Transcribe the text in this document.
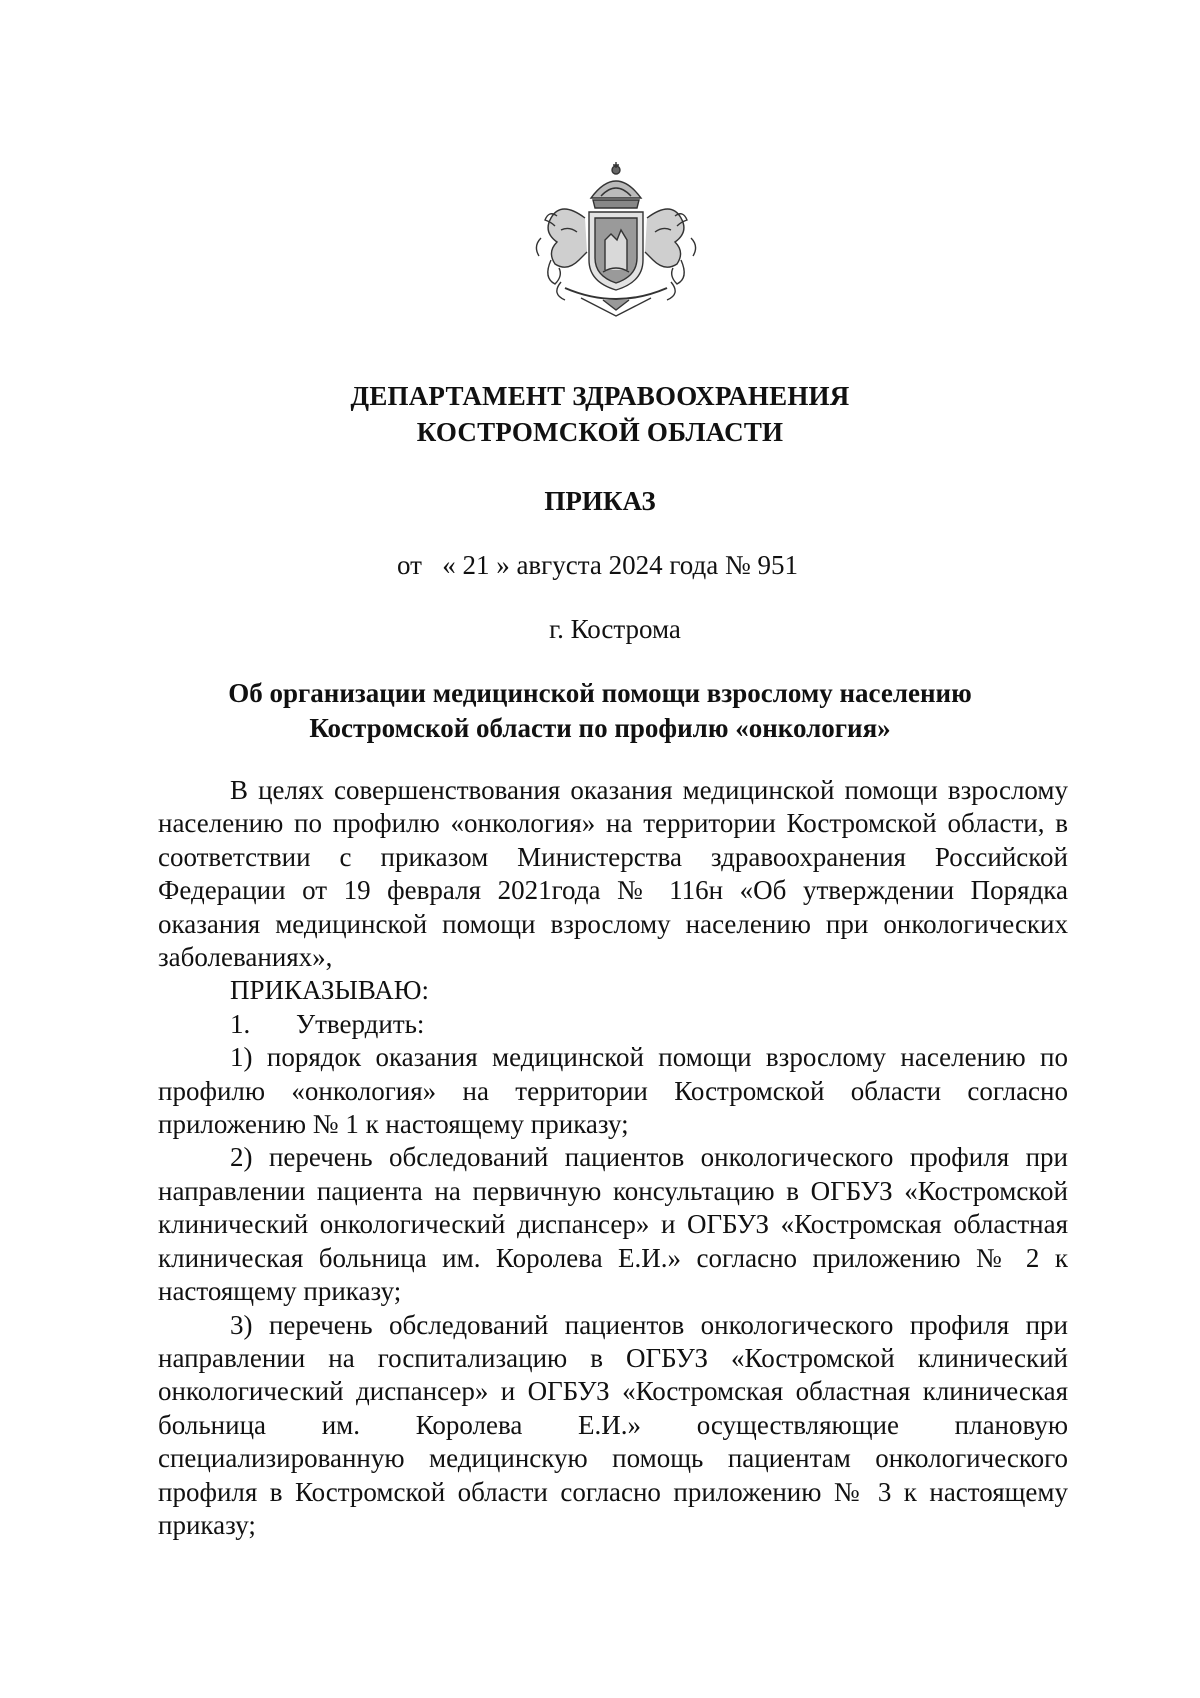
ДЕПАРТАМЕНТ ЗДРАВООХРАНЕНИЯ
КОСТРОМСКОЙ ОБЛАСТИ
ПРИКАЗ
от   « 21 » августа 2024 года № 951
г. Кострома
Об организации медицинской помощи взрослому населению
Костромской области по профилю «онкология»

В целях совершенствования оказания медицинской помощи взрослому населению по профилю «онкология» на территории Костромской области, в соответствии с приказом Министерства здравоохранения Российской Федерации от 19 февраля 2021года № 116н «Об утверждении Порядка оказания медицинской помощи взрослому населению при онкологических заболеваниях»,

ПРИКАЗЫВАЮ:

1. Утвердить:

1) порядок оказания медицинской помощи взрослому населению по профилю «онкология» на территории Костромской области согласно приложению № 1 к настоящему приказу;

2) перечень обследований пациентов онкологического профиля при направлении пациента на первичную консультацию в ОГБУЗ «Костромской клинический онкологический диспансер» и ОГБУЗ «Костромская областная клиническая больница им. Королева Е.И.» согласно приложению № 2 к настоящему приказу;

3) перечень обследований пациентов онкологического профиля при направлении на госпитализацию в ОГБУЗ «Костромской клинический онкологический диспансер» и ОГБУЗ «Костромская областная клиническая больница им. Королева Е.И.» осуществляющие плановую специализированную медицинскую помощь пациентам онкологического профиля в Костромской области согласно приложению № 3 к настоящему приказу;
